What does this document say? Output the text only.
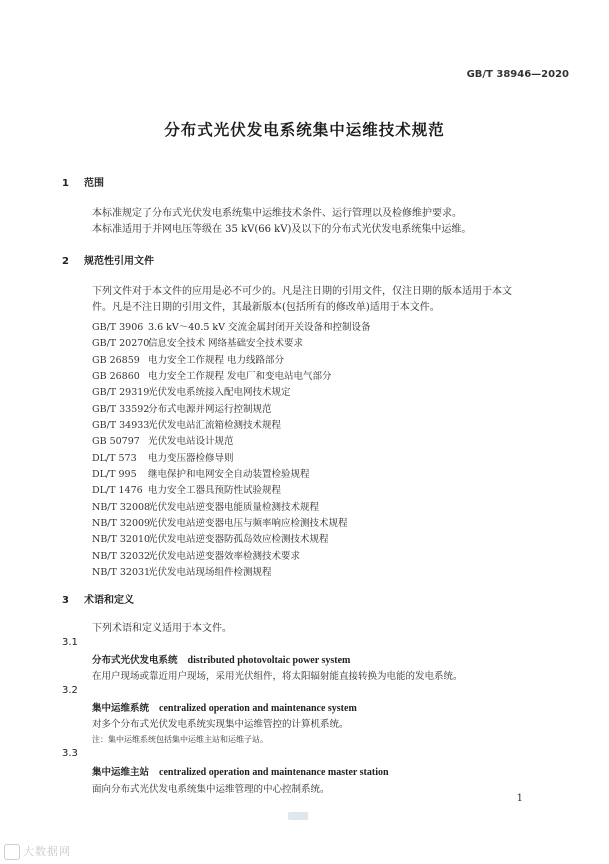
GB/T 38946—2020
分布式光伏发电系统集中运维技术规范
1 范围
本标准规定了分布式光伏发电系统集中运维技术条件、运行管理以及检修维护要求。
本标准适用于并网电压等级在 35 kV(66 kV)及以下的分布式光伏发电系统集中运维。
2 规范性引用文件
下列文件对于本文件的应用是必不可少的。凡是注日期的引用文件，仅注日期的版本适用于本文
件。凡是不注日期的引用文件，其最新版本(包括所有的修改单)适用于本文件。
GB/T 3906 3.6 kV～40.5 kV 交流金属封闭开关设备和控制设备
GB/T 20270信息安全技术 网络基础安全技术要求
GB 26859 电力安全工作规程 电力线路部分
GB 26860 电力安全工作规程 发电厂和变电站电气部分
GB/T 29319光伏发电系统接入配电网技术规定
GB/T 33592分布式电源并网运行控制规范
GB/T 34933光伏发电站汇流箱检测技术规程
GB 50797 光伏发电站设计规范
DL/T 573 电力变压器检修导则
DL/T 995 继电保护和电网安全自动装置检验规程
DL/T 1476 电力安全工器具预防性试验规程
NB/T 32008光伏发电站逆变器电能质量检测技术规程
NB/T 32009光伏发电站逆变器电压与频率响应检测技术规程
NB/T 32010光伏发电站逆变器防孤岛效应检测技术规程
NB/T 32032光伏发电站逆变器效率检测技术要求
NB/T 32031光伏发电站现场组件检测规程
3 术语和定义
下列术语和定义适用于本文件。
3.1
分布式光伏发电系统 distributed photovoltaic power system
在用户现场或靠近用户现场，采用光伏组件，将太阳辐射能直接转换为电能的发电系统。
3.2
集中运维系统 centralized operation and maintenance system
对多个分布式光伏发电系统实现集中运维管控的计算机系统。
注：集中运维系统包括集中运维主站和运维子站。
3.3
集中运维主站 centralized operation and maintenance master station
面向分布式光伏发电系统集中运维管理的中心控制系统。
1
大数据网
